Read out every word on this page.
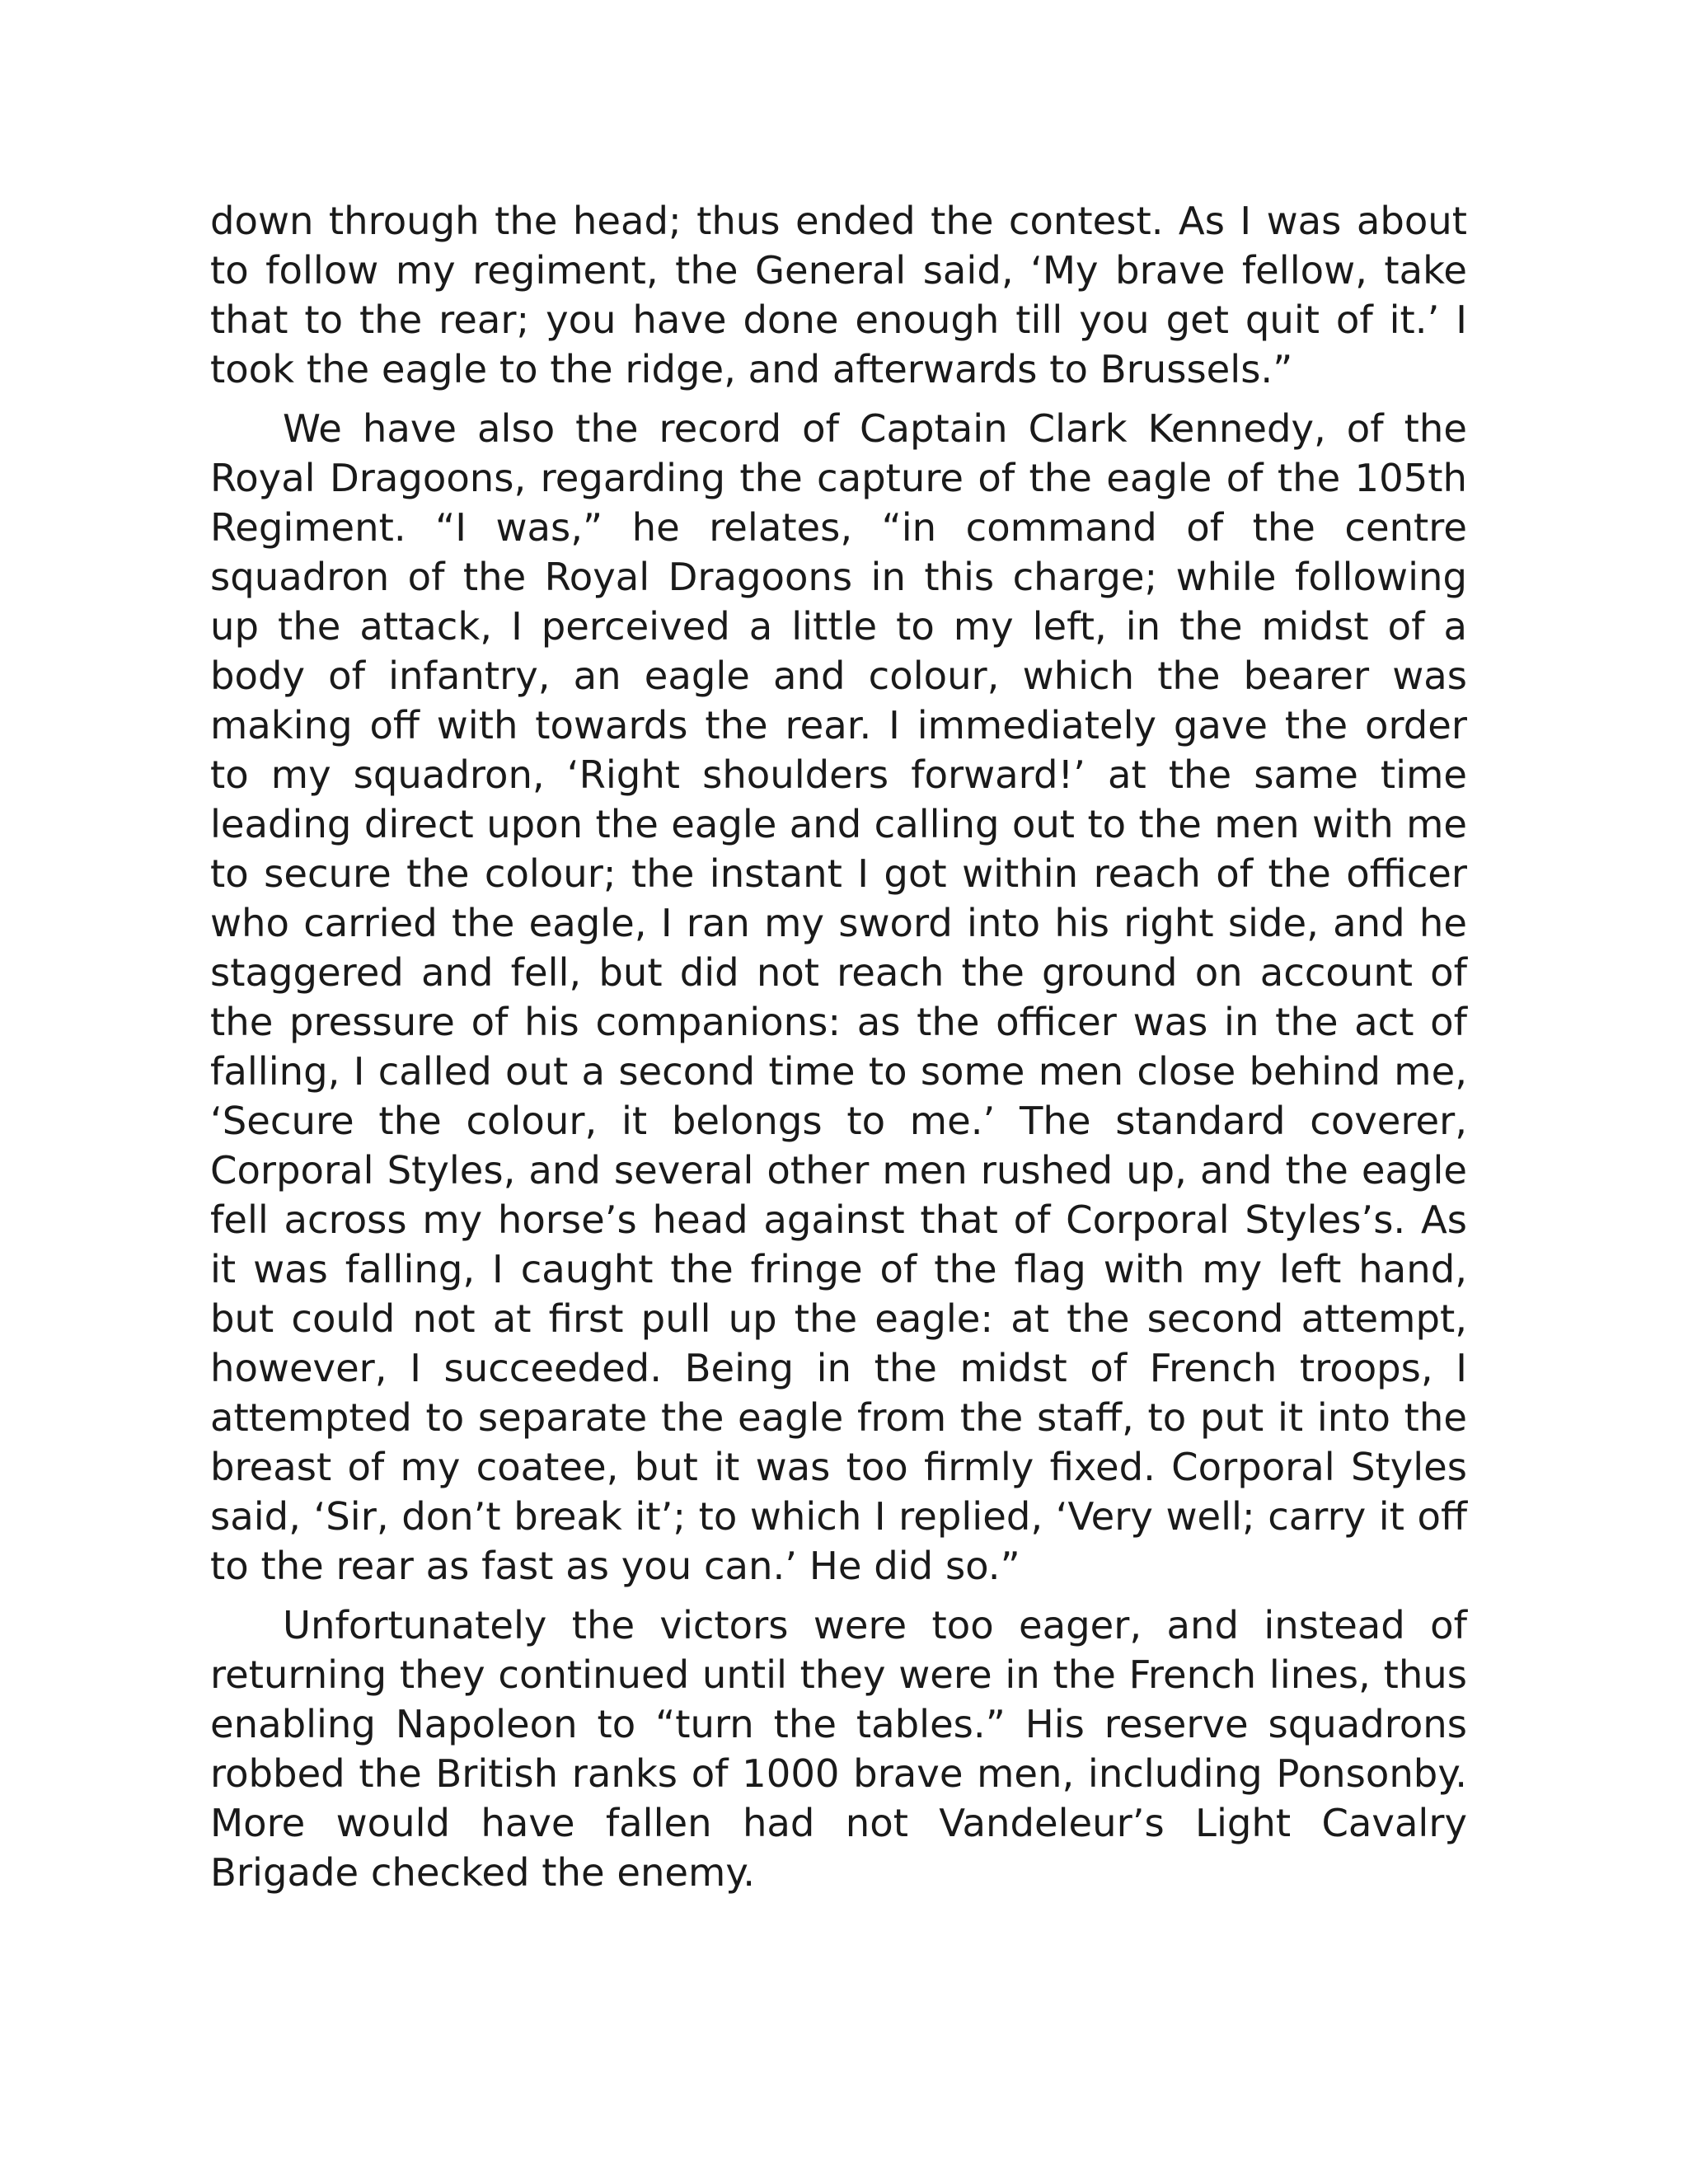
down through the head; thus ended the contest. As I was about to follow my regiment, the General said, ‘My brave fellow, take that to the rear; you have done enough till you get quit of it.’ I took the eagle to the ridge, and afterwards to Brussels.”

We have also the record of Captain Clark Kennedy, of the Royal Dragoons, regarding the capture of the eagle of the 105th Regiment. “I was,” he relates, “in command of the centre squadron of the Royal Dragoons in this charge; while following up the attack, I perceived a little to my left, in the midst of a body of infantry, an eagle and colour, which the bearer was making off with towards the rear. I immediately gave the order to my squadron, ‘Right shoulders forward!’ at the same time leading direct upon the eagle and calling out to the men with me to secure the colour; the instant I got within reach of the officer who carried the eagle, I ran my sword into his right side, and he staggered and fell, but did not reach the ground on account of the pressure of his companions: as the officer was in the act of falling, I called out a second time to some men close behind me, ‘Secure the colour, it belongs to me.’ The standard coverer, Corporal Styles, and several other men rushed up, and the eagle fell across my horse’s head against that of Corporal Styles’s. As it was falling, I caught the fringe of the flag with my left hand, but could not at first pull up the eagle: at the second attempt, however, I succeeded. Being in the midst of French troops, I attempted to separate the eagle from the staff, to put it into the breast of my coatee, but it was too firmly fixed. Corporal Styles said, ‘Sir, don’t break it’; to which I replied, ‘Very well; carry it off to the rear as fast as you can.’ He did so.”

Unfortunately the victors were too eager, and instead of returning they continued until they were in the French lines, thus enabling Napoleon to “turn the tables.” His reserve squadrons robbed the British ranks of 1000 brave men, including Ponsonby. More would have fallen had not Vandeleur’s Light Cavalry Brigade checked the enemy.
